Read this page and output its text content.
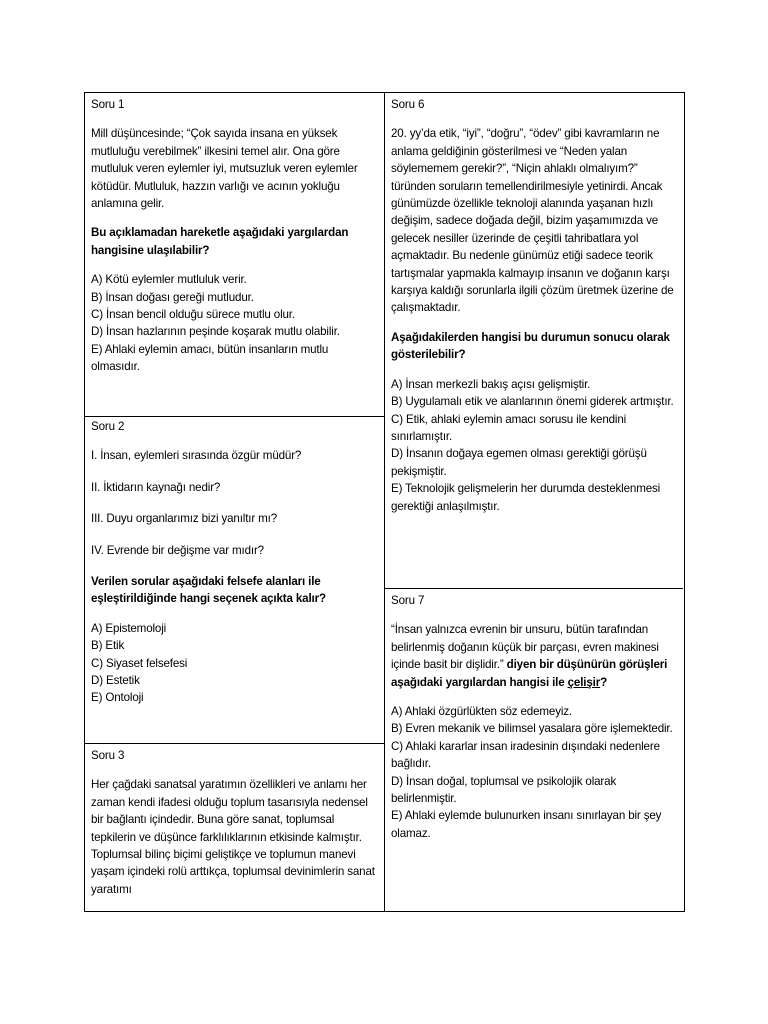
Soru 1

Mill düşüncesinde; “Çok sayıda insana en yüksek mutluluğu verebilmek” ilkesini temel alır. Ona göre mutluluk veren eylemler iyi, mutsuzluk veren eylemler kötüdür. Mutluluk, hazzın varlığı ve acının yokluğu anlamına gelir.

Bu açıklamadan hareketle aşağıdaki yargılardan hangisine ulaşılabilir?

A) Kötü eylemler mutluluk verir.
B) İnsan doğası gereği mutludur.
C) İnsan bencil olduğu sürece mutlu olur.
D) İnsan hazlarının peşinde koşarak mutlu olabilir.
E) Ahlaki eylemin amacı, bütün insanların mutlu olmasıdır.
Soru 2

I. İnsan, eylemleri sırasında özgür müdür?

II. İktidarın kaynağı nedir?

III. Duyu organlarımız bizi yanıltır mı?

IV. Evrende bir değişme var mıdır?

Verilen sorular aşağıdaki felsefe alanları ile eşleştirildiğinde hangi seçenek açıkta kalır?

A) Epistemoloji
B) Etik
C) Siyaset felsefesi
D) Estetik
E) Ontoloji
Soru 3

Her çağdaki sanatsal yaratımın özellikleri ve anlamı her zaman kendi ifadesi olduğu toplum tasarısıyla nedensel bir bağlantı içindedir. Buna göre sanat, toplumsal tepkilerin ve düşünce farklılıklarının etkisinde kalmıştır. Toplumsal bilinç biçimi geliştikçe ve toplumun manevi yaşam içindeki rolü arttıkça, toplumsal devinimlerin sanat yaratımı

Soru 6

20. yy’da etik, “iyi”, “doğru”, “ödev” gibi kavramların ne anlama geldiğinin gösterilmesi ve “Neden yalan söylememem gerekir?”, “Niçin ahlaklı olmalıyım?” türünden soruların temellendirilmesiyle yetinirdi. Ancak günümüzde özellikle teknoloji alanında yaşanan hızlı değişim, sadece doğada değil, bizim yaşamımızda ve gelecek nesiller üzerinde de çeşitli tahribatlara yol açmaktadır. Bu nedenle günümüz etiği sadece teorik tartışmalar yapmakla kalmayıp insanın ve doğanın karşı karşıya kaldığı sorunlarla ilgili çözüm üretmek üzerine de çalışmaktadır.

Aşağıdakilerden hangisi bu durumun sonucu olarak gösterilebilir?

A) İnsan merkezli bakış açısı gelişmiştir.
B) Uygulamalı etik ve alanlarının önemi giderek artmıştır.
C) Etik, ahlaki eylemin amacı sorusu ile kendini sınırlamıştır.
D) İnsanın doğaya egemen olması gerektiği görüşü pekişmiştir.
E) Teknolojik gelişmelerin her durumda desteklenmesi gerektiği anlaşılmıştır.
Soru 7

“İnsan yalnızca evrenin bir unsuru, bütün tarafından belirlenmiş doğanın küçük bir parçası, evren makinesi içinde basit bir dişlidir.” diyen bir düşünürün görüşleri aşağıdaki yargılardan hangisi ile çelişir?

A) Ahlaki özgürlükten söz edemeyiz.
B) Evren mekanik ve bilimsel yasalara göre işlemektedir.
C) Ahlaki kararlar insan iradesinin dışındaki nedenlere bağlıdır.
D) İnsan doğal, toplumsal ve psikolojik olarak belirlenmiştir.
E) Ahlaki eylemde bulunurken insanı sınırlayan bir şey olamaz.
